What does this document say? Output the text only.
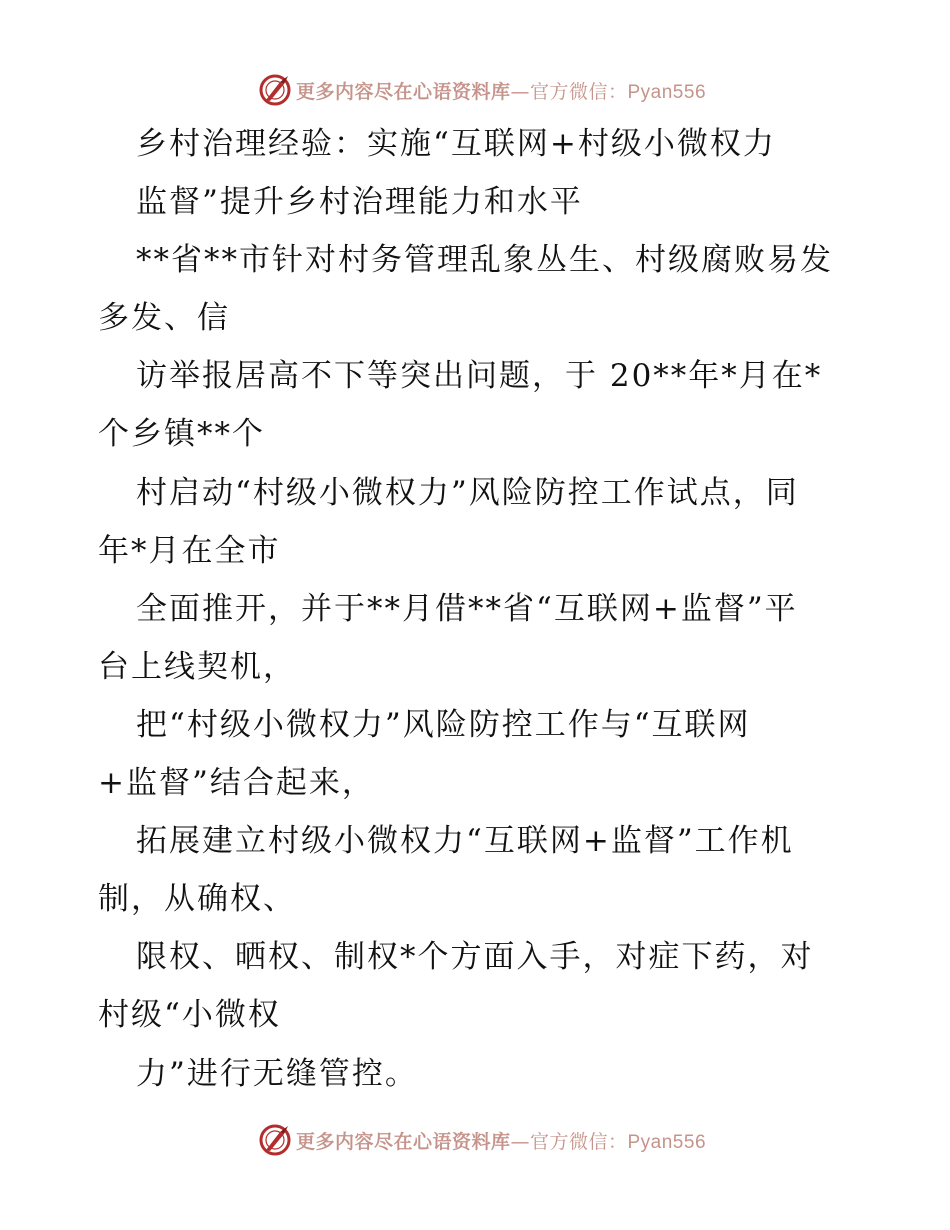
更多内容尽在心语资料库—官方微信：Pyan556
乡村治理经验：实施“互联网+村级小微权力
监督”提升乡村治理能力和水平
**省**市针对村务管理乱象丛生、村级腐败易发
多发、信
访举报居高不下等突出问题，于 20**年*月在*
个乡镇**个
村启动“村级小微权力”风险防控工作试点，同
年*月在全市
全面推开，并于**月借**省“互联网+监督”平
台上线契机，
把“村级小微权力”风险防控工作与“互联网
+监督”结合起来，
拓展建立村级小微权力“互联网+监督”工作机
制，从确权、
限权、晒权、制权*个方面入手，对症下药，对
村级“小微权
力”进行无缝管控。
更多内容尽在心语资料库—官方微信：Pyan556
